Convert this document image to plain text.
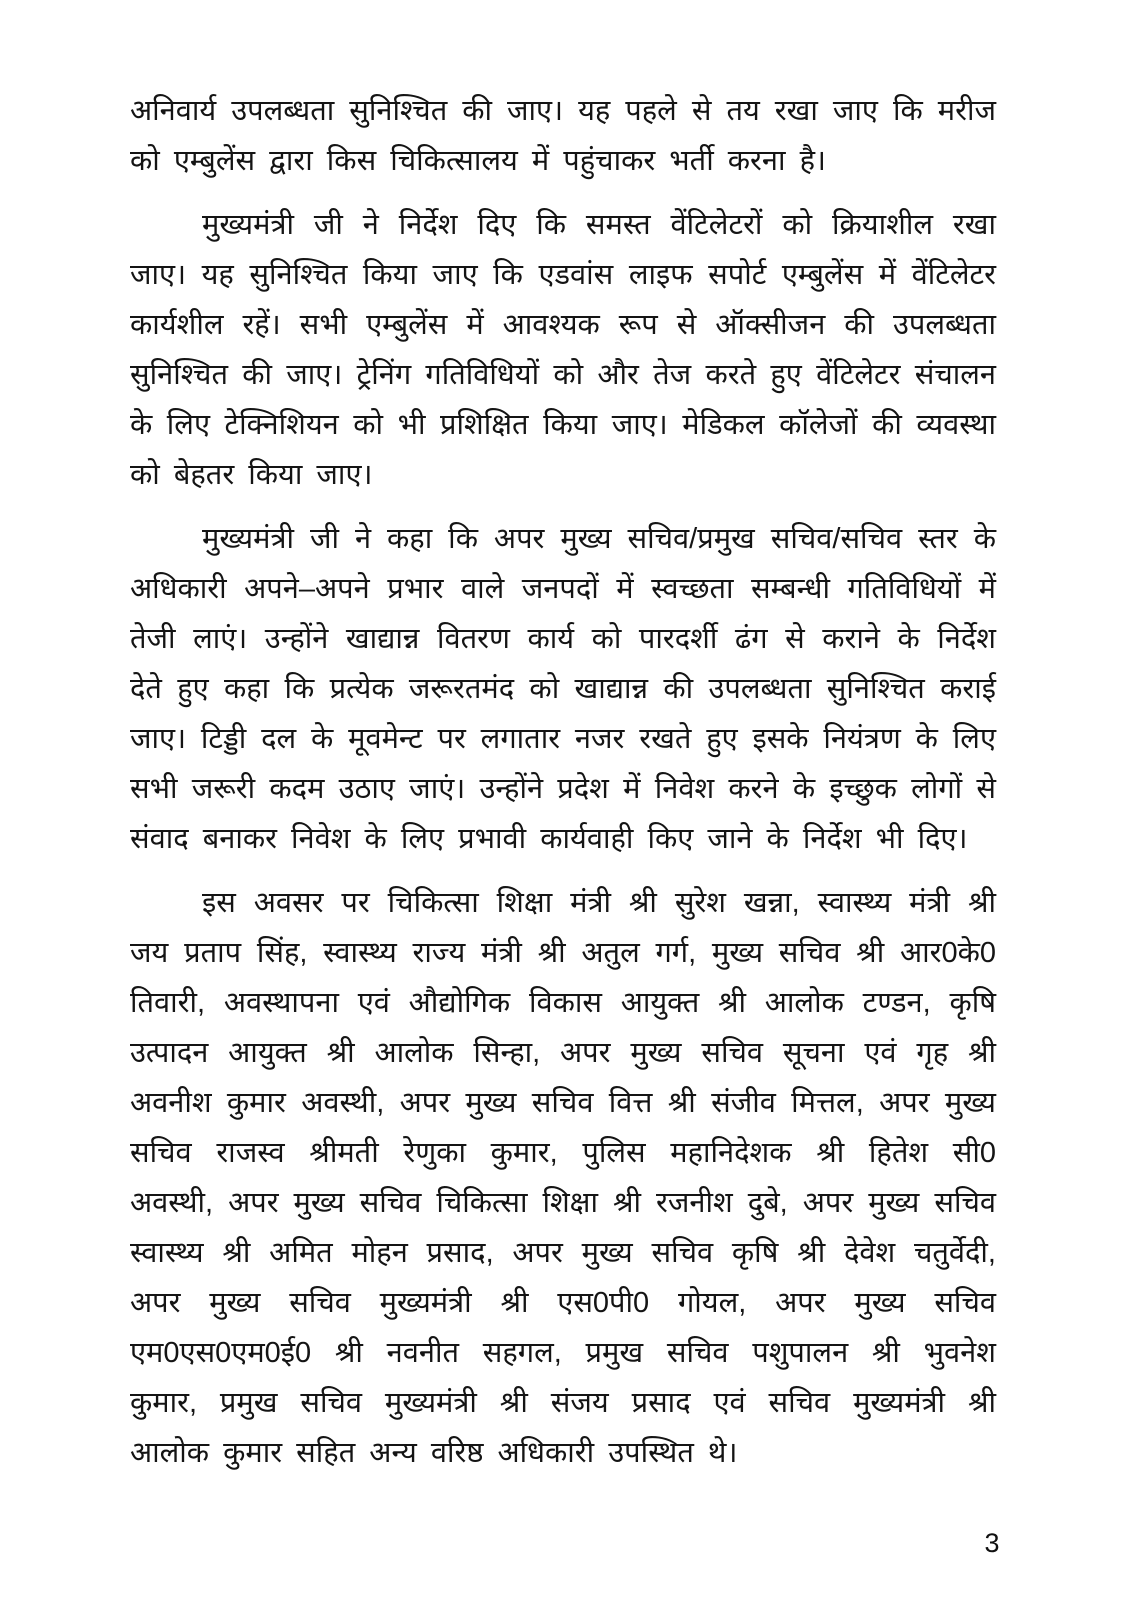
अनिवार्य उपलब्धता सुनिश्चित की जाए। यह पहले से तय रखा जाए कि मरीज को एम्बुलेंस द्वारा किस चिकित्सालय में पहुंचाकर भर्ती करना है।

मुख्यमंत्री जी ने निर्देश दिए कि समस्त वेंटिलेटरों को क्रियाशील रखा जाए। यह सुनिश्चित किया जाए कि एडवांस लाइफ सपोर्ट एम्बुलेंस में वेंटिलेटर कार्यशील रहें। सभी एम्बुलेंस में आवश्यक रूप से ऑक्सीजन की उपलब्धता सुनिश्चित की जाए। ट्रेनिंग गतिविधियों को और तेज करते हुए वेंटिलेटर संचालन के लिए टेक्निशियन को भी प्रशिक्षित किया जाए। मेडिकल कॉलेजों की व्यवस्था को बेहतर किया जाए।

मुख्यमंत्री जी ने कहा कि अपर मुख्य सचिव/प्रमुख सचिव/सचिव स्तर के अधिकारी अपने–अपने प्रभार वाले जनपदों में स्वच्छता सम्बन्धी गतिविधियों में तेजी लाएं। उन्होंने खाद्यान्न वितरण कार्य को पारदर्शी ढंग से कराने के निर्देश देते हुए कहा कि प्रत्येक जरूरतमंद को खाद्यान्न की उपलब्धता सुनिश्चित कराई जाए। टिड्डी दल के मूवमेन्ट पर लगातार नजर रखते हुए इसके नियंत्रण के लिए सभी जरूरी कदम उठाए जाएं। उन्होंने प्रदेश में निवेश करने के इच्छुक लोगों से संवाद बनाकर निवेश के लिए प्रभावी कार्यवाही किए जाने के निर्देश भी दिए।

इस अवसर पर चिकित्सा शिक्षा मंत्री श्री सुरेश खन्ना, स्वास्थ्य मंत्री श्री जय प्रताप सिंह, स्वास्थ्य राज्य मंत्री श्री अतुल गर्ग, मुख्य सचिव श्री आर0के0 तिवारी, अवस्थापना एवं औद्योगिक विकास आयुक्त श्री आलोक टण्डन, कृषि उत्पादन आयुक्त श्री आलोक सिन्हा, अपर मुख्य सचिव सूचना एवं गृह श्री अवनीश कुमार अवस्थी, अपर मुख्य सचिव वित्त श्री संजीव मित्तल, अपर मुख्य सचिव राजस्व श्रीमती रेणुका कुमार, पुलिस महानिदेशक श्री हितेश सी0 अवस्थी, अपर मुख्य सचिव चिकित्सा शिक्षा श्री रजनीश दुबे, अपर मुख्य सचिव स्वास्थ्य श्री अमित मोहन प्रसाद, अपर मुख्य सचिव कृषि श्री देवेश चतुर्वेदी, अपर मुख्य सचिव मुख्यमंत्री श्री एस0पी0 गोयल, अपर मुख्य सचिव एम0एस0एम0ई0 श्री नवनीत सहगल, प्रमुख सचिव पशुपालन श्री भुवनेश कुमार, प्रमुख सचिव मुख्यमंत्री श्री संजय प्रसाद एवं सचिव मुख्यमंत्री श्री आलोक कुमार सहित अन्य वरिष्ठ अधिकारी उपस्थित थे।

3
